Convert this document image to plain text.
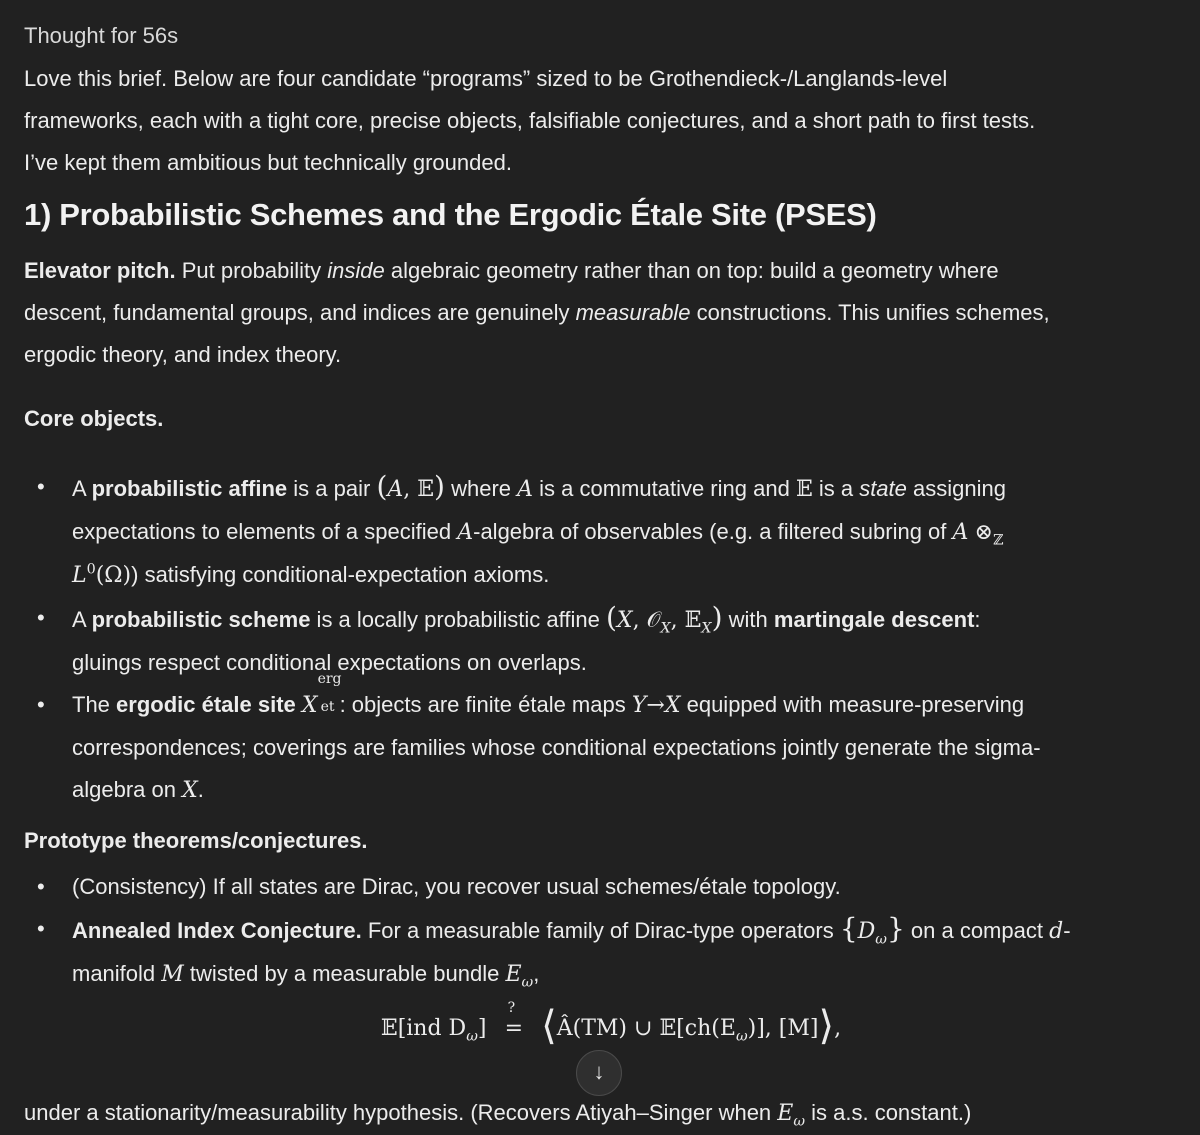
Thought for 56s

Love this brief. Below are four candidate “programs” sized to be Grothendieck-/Langlands-level
frameworks, each with a tight core, precise objects, falsifiable conjectures, and a short path to first tests.
I’ve kept them ambitious but technically grounded.

1) Probabilistic Schemes and the Ergodic Étale Site (PSES)

Elevator pitch. Put probability inside algebraic geometry rather than on top: build a geometry where
descent, fundamental groups, and indices are genuinely measurable constructions. This unifies schemes,
ergodic theory, and index theory.

Core objects.

• A probabilistic affine is a pair (A, 𝔼) where A is a commutative ring and 𝔼 is a state assigning
expectations to elements of a specified A-algebra of observables (e.g. a filtered subring of A $\otimes_ℤ$
$L^0(\Omega)$) satisfying conditional-expectation axioms.
• A probabilistic scheme is a locally probabilistic affine (X, 𝒪$_X$, 𝔼$_X$) with martingale descent:
gluings respect conditional expectations on overlaps.
• The ergodic étale site X
erg
et : objects are finite étale maps Y→X equipped with measure-preserving
correspondences; coverings are families whose conditional expectations jointly generate the sigma-
algebra on X.

Prototype theorems/conjectures.

• (Consistency) If all states are Dirac, you recover usual schemes/étale topology.
• Annealed Index Conjecture. For a measurable family of Dirac-type operators $\{D_\omega\}$ on a compact d-
manifold M twisted by a measurable bundle $E_\omega$,
𝔼[ind $D_\omega$]
?
= ⟨Â(TM) ∪ $𝔼[ch(E_\omega)]$, [M]⟩,
↓

under a stationarity/measurability hypothesis. (Recovers Atiyah–Singer when $E_\omega$ is a.s. constant.)
